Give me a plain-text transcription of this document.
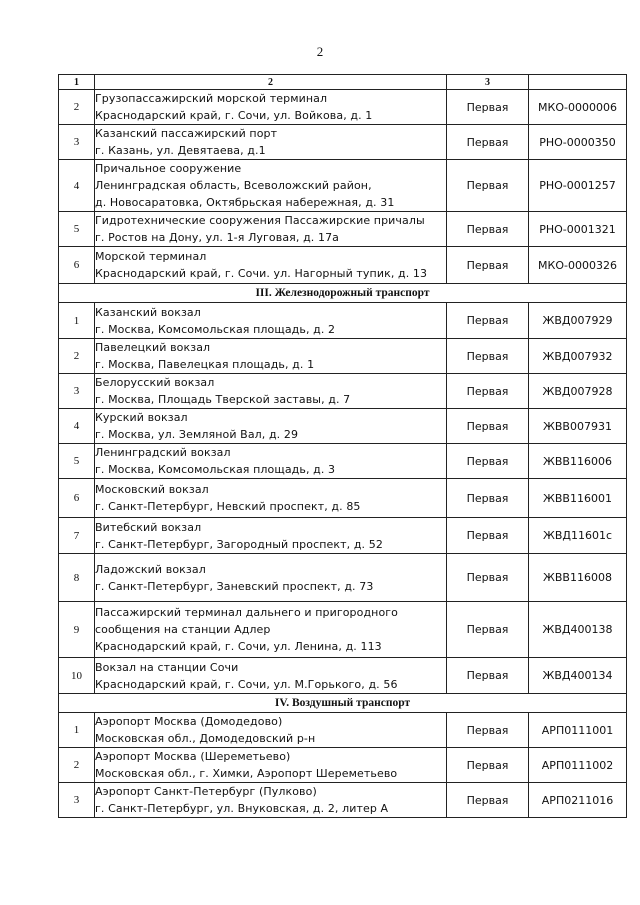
2
1	2	3	
2	Грузопассажирский морской терминал
Краснодарский край, г. Сочи, ул. Войкова, д. 1	Первая	МКО-0000006
3	Казанский пассажирский порт
г. Казань, ул. Девятаева, д.1	Первая	РНО-0000350
4	Причальное сооружение
Ленинградская область, Всеволожский район,
д. Новосаратовка, Октябрьская набережная, д. 31	Первая	РНО-0001257
5	Гидротехнические сооружения Пассажирские причалы
г. Ростов на Дону, ул. 1-я Луговая, д. 17а	Первая	РНО-0001321
6	Морской терминал
Краснодарский край, г. Сочи. ул. Нагорный тупик, д. 13	Первая	МКО-0000326
III. Железнодорожный транспорт			
1	Казанский вокзал
г. Москва, Комсомольская площадь, д. 2	Первая	ЖВД007929
2	Павелецкий вокзал
г. Москва, Павелецкая площадь, д. 1	Первая	ЖВД007932
3	Белорусский вокзал
г. Москва, Площадь Тверской заставы, д. 7	Первая	ЖВД007928
4	Курский вокзал
г. Москва, ул. Земляной Вал, д. 29	Первая	ЖВВ007931
5	Ленинградский вокзал
г. Москва, Комсомольская площадь, д. 3	Первая	ЖВВ116006
6	Московский вокзал
г. Санкт-Петербург, Невский проспект, д. 85	Первая	ЖВВ116001
7	Витебский вокзал
г. Санкт-Петербург, Загородный проспект, д. 52	Первая	ЖВД11601с
8	Ладожский вокзал
г. Санкт-Петербург, Заневский проспект, д. 73	Первая	ЖВВ116008
9	Пассажирский терминал дальнего и пригородного
сообщения на станции Адлер
Краснодарский край, г. Сочи, ул. Ленина, д. 113	Первая	ЖВД400138
10	Вокзал на станции Сочи
Краснодарский край, г. Сочи, ул. М.Горького, д. 56	Первая	ЖВД400134
IV. Воздушный транспорт			
1	Аэропорт Москва (Домодедово)
Московская обл., Домодедовский р-н	Первая	АРП0111001
2	Аэропорт Москва (Шереметьево)
Московская обл., г. Химки, Аэропорт Шереметьево	Первая	АРП0111002
3	Аэропорт Санкт-Петербург (Пулково)
г. Санкт-Петербург, ул. Внуковская, д. 2, литер А	Первая	АРП0211016
